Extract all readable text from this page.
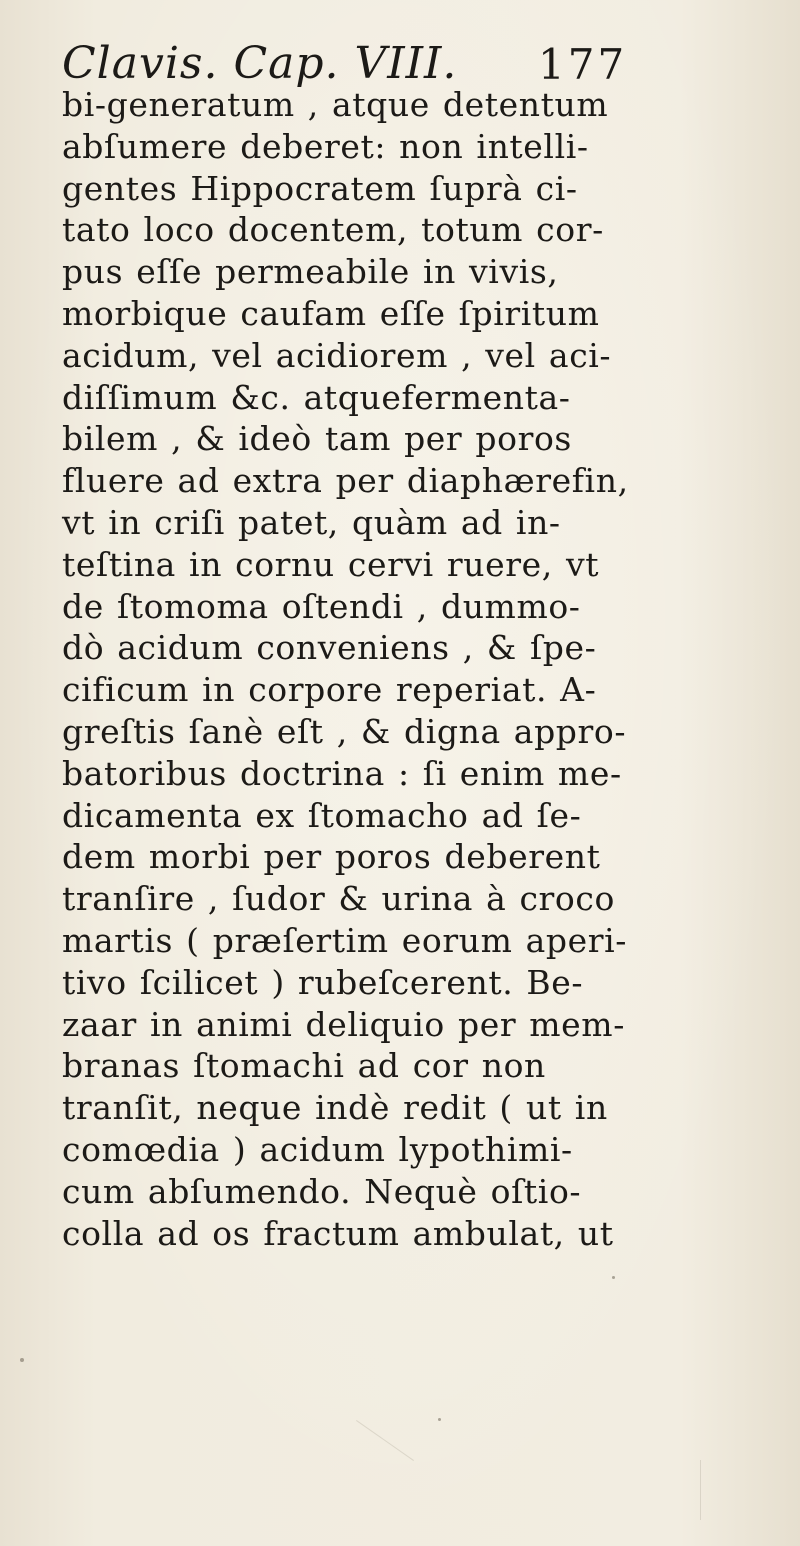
Clavis. Cap. VIII. 177
bi-generatum , atque detentum
abſumere deberet: non intelli-
gentes Hippocratem ſuprà ci-
tato loco docentem, totum cor-
pus eſſe permeabile in vivis,
morbique caufam eſſe ſpiritum
acidum, vel acidiorem , vel aci-
diſſimum &c. atquefermenta-
bilem , & ideò tam per poros
fluere ad extra per diaphærefin,
vt in criſi patet, quàm ad in-
teſtina in cornu cervi ruere, vt
de ſtomoma oſtendi , dummo-
dò acidum conveniens , & ſpe-
cificum in corpore reperiat. A-
greſtis ſanè eſt , & digna appro-
batoribus doctrina : ſi enim me-
dicamenta ex ſtomacho ad ſe-
dem morbi per poros deberent
tranſire , ſudor & urina à croco
martis ( præſertim eorum aperi-
tivo ſcilicet ) rubeſcerent. Be-
zaar in animi deliquio per mem-
branas ſtomachi ad cor non
tranſit, neque indè redit ( ut in
comœdia ) acidum lypothimi-
cum abſumendo. Nequè oſtio-
colla ad os fractum ambulat, ut
